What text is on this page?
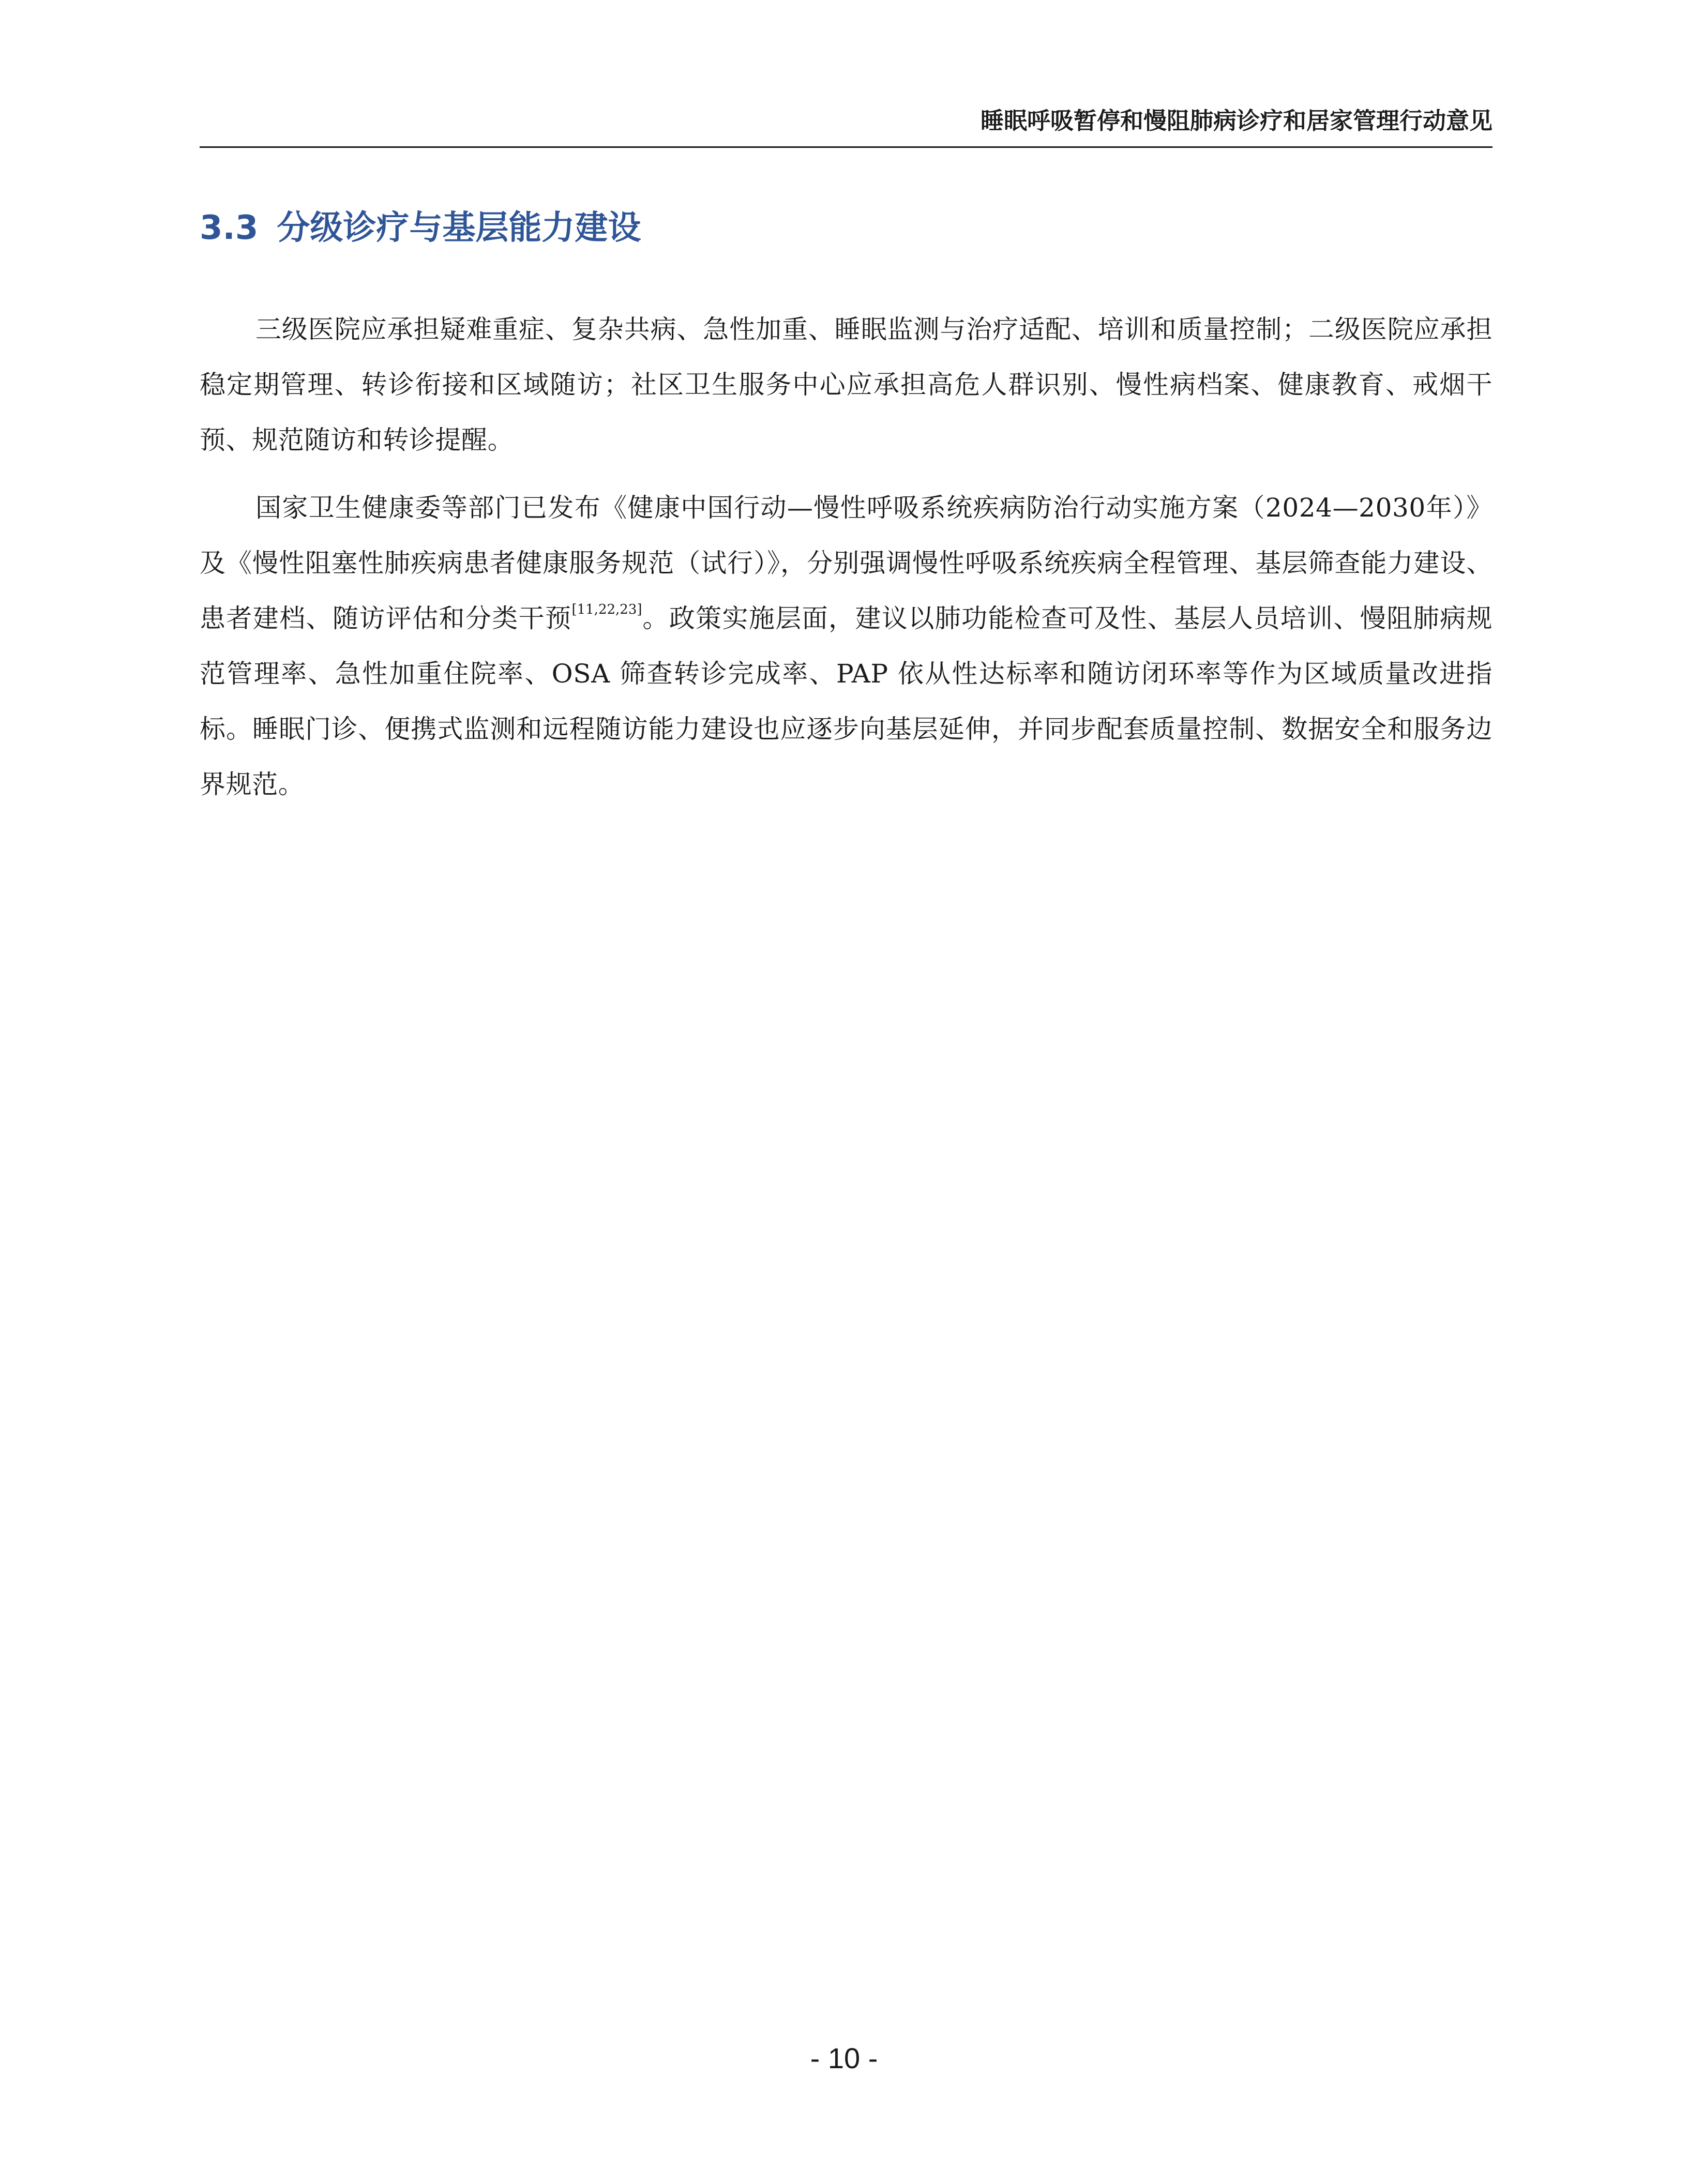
睡眠呼吸暂停和慢阻肺病诊疗和居家管理行动意见
3.3 分级诊疗与基层能力建设

三级医院应承担疑难重症、复杂共病、急性加重、睡眠监测与治疗适配、培训和质量控制；二级医院应承担稳定期管理、转诊衔接和区域随访；社区卫生服务中心应承担高危人群识别、慢性病档案、健康教育、戒烟干预、规范随访和转诊提醒。

国家卫生健康委等部门已发布《健康中国行动—慢性呼吸系统疾病防治行动实施方案（2024—2030年）》及《慢性阻塞性肺疾病患者健康服务规范（试行）》，分别强调慢性呼吸系统疾病全程管理、基层筛查能力建设、患者建档、随访评估和分类干预[11,22,23]。政策实施层面，建议以肺功能检查可及性、基层人员培训、慢阻肺病规范管理率、急性加重住院率、OSA 筛查转诊完成率、PAP 依从性达标率和随访闭环率等作为区域质量改进指标。睡眠门诊、便携式监测和远程随访能力建设也应逐步向基层延伸，并同步配套质量控制、数据安全和服务边界规范。

- 10 -
